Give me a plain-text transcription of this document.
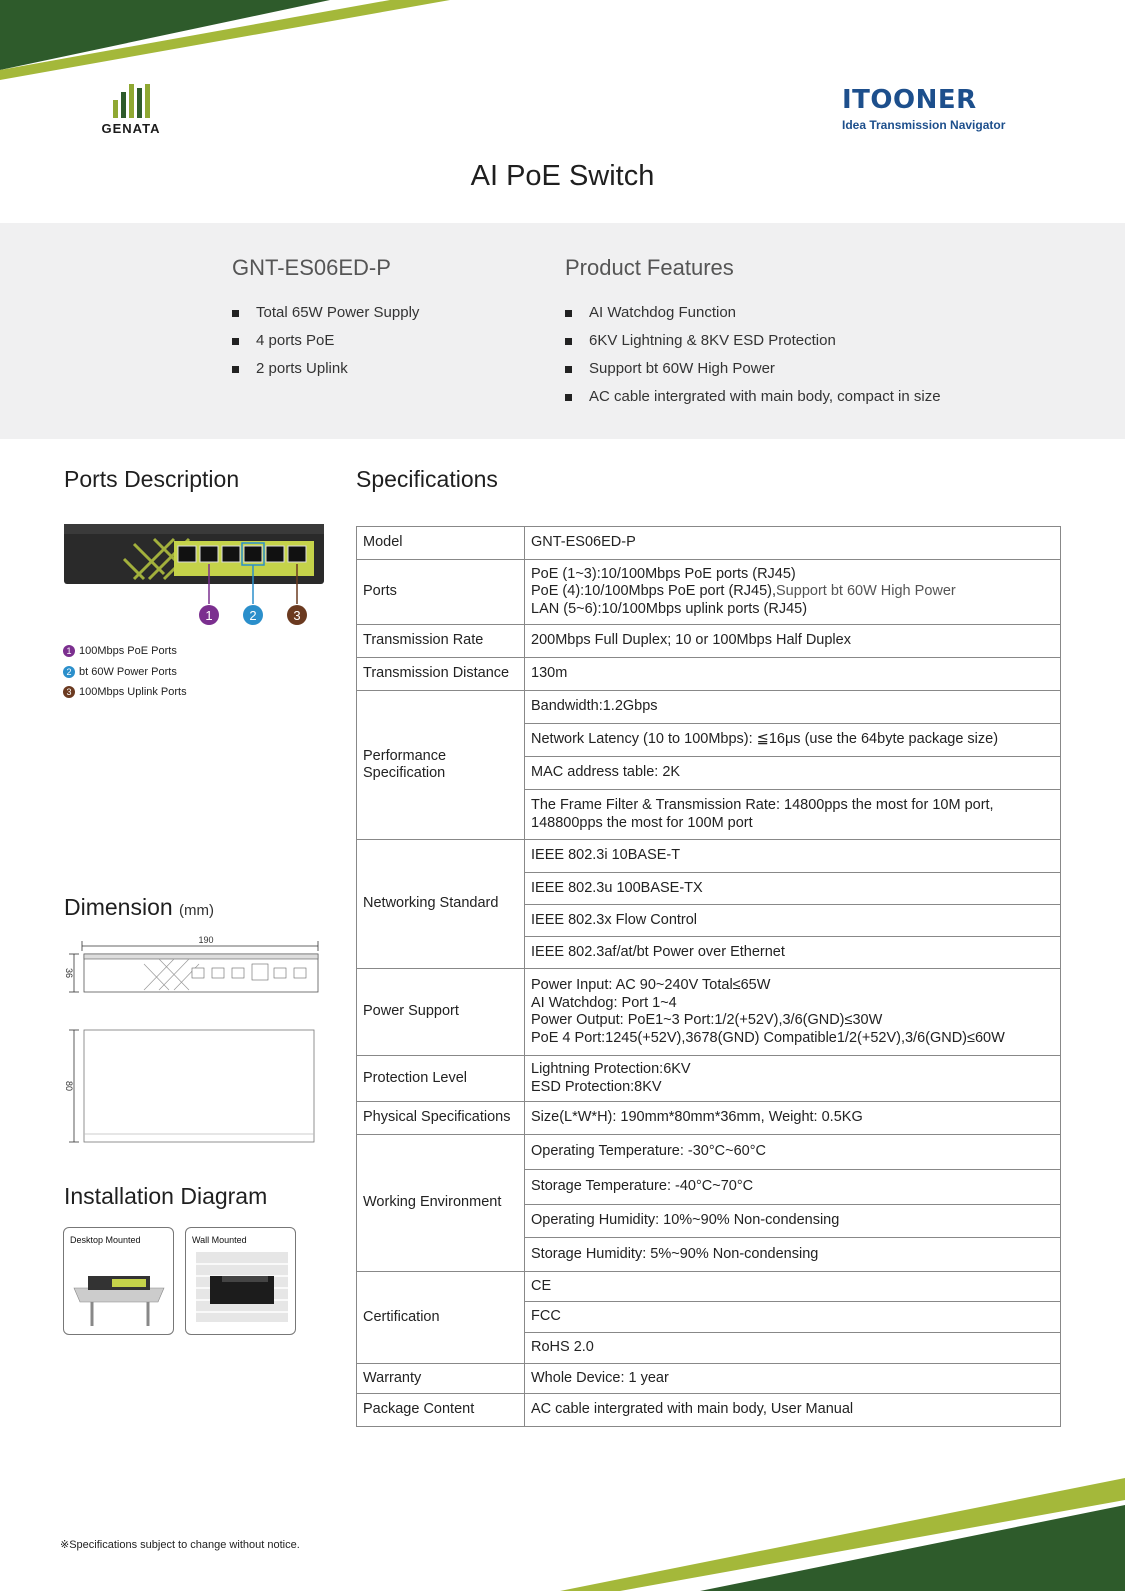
GENATA
ITOONER
Idea Transmission Navigator
AI PoE Switch
GNT-ES06ED-P
Total 65W Power Supply
4 ports PoE
2 ports Uplink
Product Features
AI Watchdog Function
6KV Lightning & 8KV ESD Protection
Support bt 60W High Power
AC cable intergrated with main body, compact in size
Ports Description
1	2	3
1 100Mbps PoE Ports
2 bt 60W Power Ports
3 100Mbps Uplink Ports
Dimension (mm)
190
36
80
Installation Diagram
Desktop Mounted	Wall Mounted
Specifications
Model	GNT-ES06ED-P
Ports	PoE (1~3):10/100Mbps PoE ports (RJ45)
PoE (4):10/100Mbps PoE port (RJ45),Support bt 60W High Power
LAN (5~6):10/100Mbps uplink ports (RJ45)

Transmission Rate	200Mbps Full Duplex; 10 or 100Mbps Half Duplex
Transmission Distance	130m
Performance Specification	Bandwidth:1.2Gbps
	Network Latency (10 to 100Mbps): ≦16μs (use the 64byte package size)
	MAC address table: 2K
	The Frame Filter & Transmission Rate: 14800pps the most for 10M port, 148800pps the most for 100M port
Networking Standard	IEEE 802.3i 10BASE-T
	IEEE 802.3u 100BASE-TX
	IEEE 802.3x Flow Control
	IEEE 802.3af/at/bt Power over Ethernet
Power Support	Power Input: AC 90~240V Total≤65W
AI Watchdog: Port 1~4
Power Output: PoE1~3 Port:1/2(+52V),3/6(GND)≤30W
PoE 4 Port:1245(+52V),3678(GND) Compatible1/2(+52V),3/6(GND)≤60W

Protection Level	Lightning Protection:6KV
ESD Protection:8KV

Physical Specifications	Size(L*W*H): 190mm*80mm*36mm, Weight: 0.5KG
Working Environment	Operating Temperature: -30°C~60°C
	Storage Temperature: -40°C~70°C
	Operating Humidity: 10%~90% Non-condensing
	Storage Humidity: 5%~90% Non-condensing
Certification	CE
	FCC
	RoHS 2.0
Warranty	Whole Device: 1 year
Package Content	AC cable intergrated with main body, User Manual
※Specifications subject to change without notice.
